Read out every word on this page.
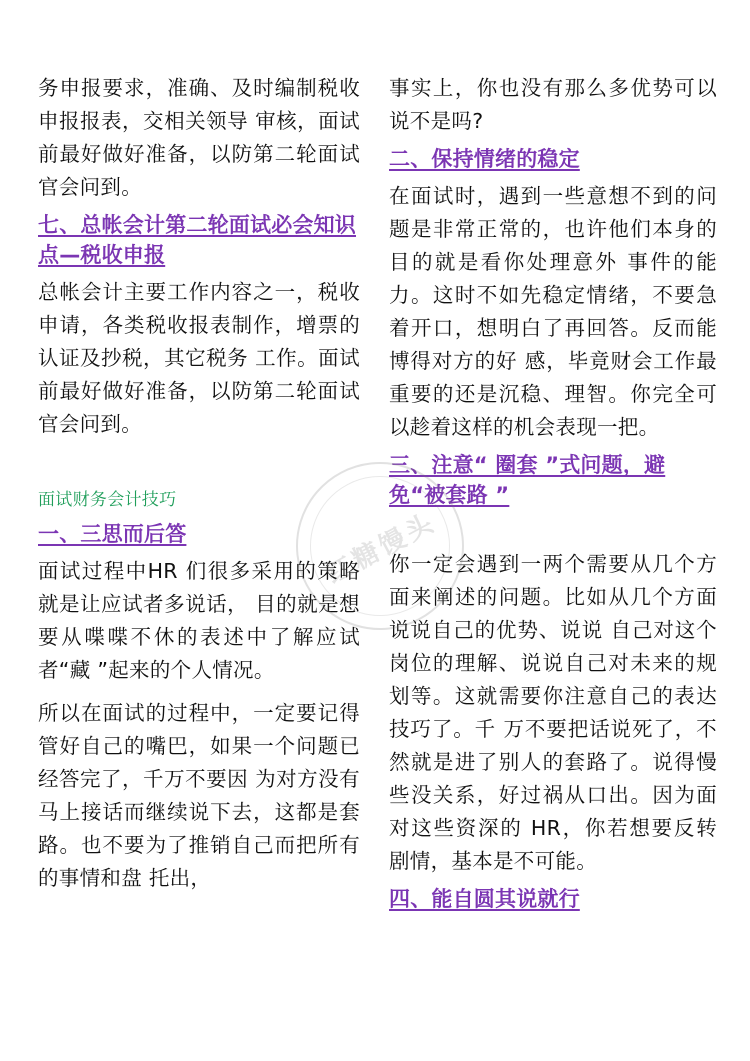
务申报要求，准确、及时编制税收申报报表，交相关领导 审核，面试前最好做好准备，以防第二轮面试官会问到。

七、总帐会计第二轮面试必会知识点—税收申报

总帐会计主要工作内容之一，税收申请，各类税收报表制作，增票的认证及抄税，其它税务 工作。面试前最好做好准备，以防第二轮面试官会问到。

面试财务会计技巧

一、三思而后答

面试过程中HR 们很多采用的策略就是让应试者多说话， 目的就是想要从喋喋不休的表述中了解应试者“藏 ”起来的个人情况。

所以在面试的过程中，一定要记得管好自己的嘴巴，如果一个问题已经答完了，千万不要因 为对方没有马上接话而继续说下去，这都是套路。也不要为了推销自己而把所有的事情和盘 托出，

事实上，你也没有那么多优势可以说不是吗?

二、保持情绪的稳定

在面试时，遇到一些意想不到的问题是非常正常的，也许他们本身的目的就是看你处理意外 事件的能力。这时不如先稳定情绪，不要急着开口，想明白了再回答。反而能博得对方的好 感，毕竟财会工作最重要的还是沉稳、理智。你完全可以趁着这样的机会表现一把。

三、注意“ 圈套 ”式问题，避免“被套路 ”

你一定会遇到一两个需要从几个方面来阐述的问题。比如从几个方面说说自己的优势、说说 自己对这个岗位的理解、说说自己对未来的规划等。这就需要你注意自己的表达技巧了。千 万不要把话说死了，不然就是进了别人的套路了。说得慢些没关系，好过祸从口出。因为面 对这些资深的 HR，你若想要反转剧情，基本是不可能。

四、能自圆其说就行

红糖馒头
